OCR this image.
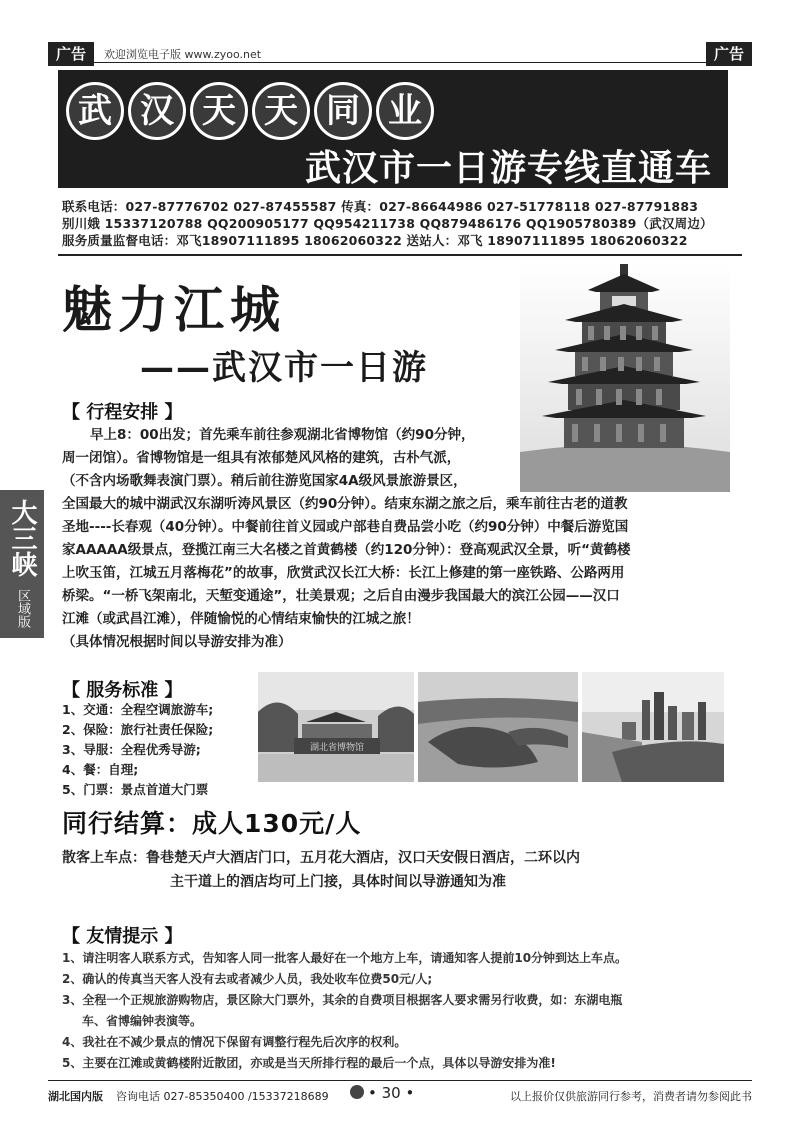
广告	欢迎浏览电子版 www.zyoo.net	广告
武 汉 天 天 同 业
武汉市一日游专线直通车
联系电话：027-87776702 027-87455587 传真：027-86644986 027-51778118 027-87791883
别川娥 15337120788 QQ200905177 QQ954211738 QQ879486176 QQ1905780389（武汉周边）
服务质量监督电话：邓飞18907111895 18062060322 送站人：邓飞 18907111895 18062060322
魅力江城
——武汉市一日游
大三峡
区域版
【 行程安排 】
早上8：00出发；首先乘车前往参观湖北省博物馆（约90分钟，
周一闭馆）。省博物馆是一组具有浓郁楚风风格的建筑，古朴气派，
（不含内场歌舞表演门票）。稍后前往游览国家4A级风景旅游景区，
全国最大的城中湖武汉东湖听涛风景区（约90分钟）。结束东湖之旅之后，乘车前往古老的道教
圣地----长春观（40分钟）。中餐前往首义园或户部巷自费品尝小吃（约90分钟）中餐后游览国
家AAAAA级景点，登揽江南三大名楼之首黄鹤楼（约120分钟）：登高观武汉全景，听“黄鹤楼
上吹玉笛，江城五月落梅花”的故事，欣赏武汉长江大桥：长江上修建的第一座铁路、公路两用
桥梁。“一桥飞架南北，天堑变通途”，壮美景观；之后自由漫步我国最大的滨江公园——汉口
江滩（或武昌江滩），伴随愉悦的心情结束愉快的江城之旅！
（具体情况根据时间以导游安排为准）
【 服务标准 】
1、交通：全程空调旅游车;
2、保险：旅行社责任保险;
3、导服：全程优秀导游;
4、餐：自理;
5、门票：景点首道大门票
湖北省博物馆
同行结算：成人130元/人
散客上车点：鲁巷楚天卢大酒店门口，五月花大酒店，汉口天安假日酒店，二环以内
主干道上的酒店均可上门接，具体时间以导游通知为准
【 友情提示 】
1、请注明客人联系方式，告知客人同一批客人最好在一个地方上车，请通知客人提前10分钟到达上车点。
2、确认的传真当天客人没有去或者减少人员，我处收车位费50元/人;
3、全程一个正规旅游购物店，景区除大门票外，其余的自费项目根据客人要求需另行收费，如：东湖电瓶
车、省博编钟表演等。
4、我社在不减少景点的情况下保留有调整行程先后次序的权利。
5、主要在江滩或黄鹤楼附近散团，亦或是当天所排行程的最后一个点，具体以导游安排为准!
湖北国内版 咨询电话 027-85350400 /15337218689	• 30 •	以上报价仅供旅游同行参考，消费者请勿参阅此书
